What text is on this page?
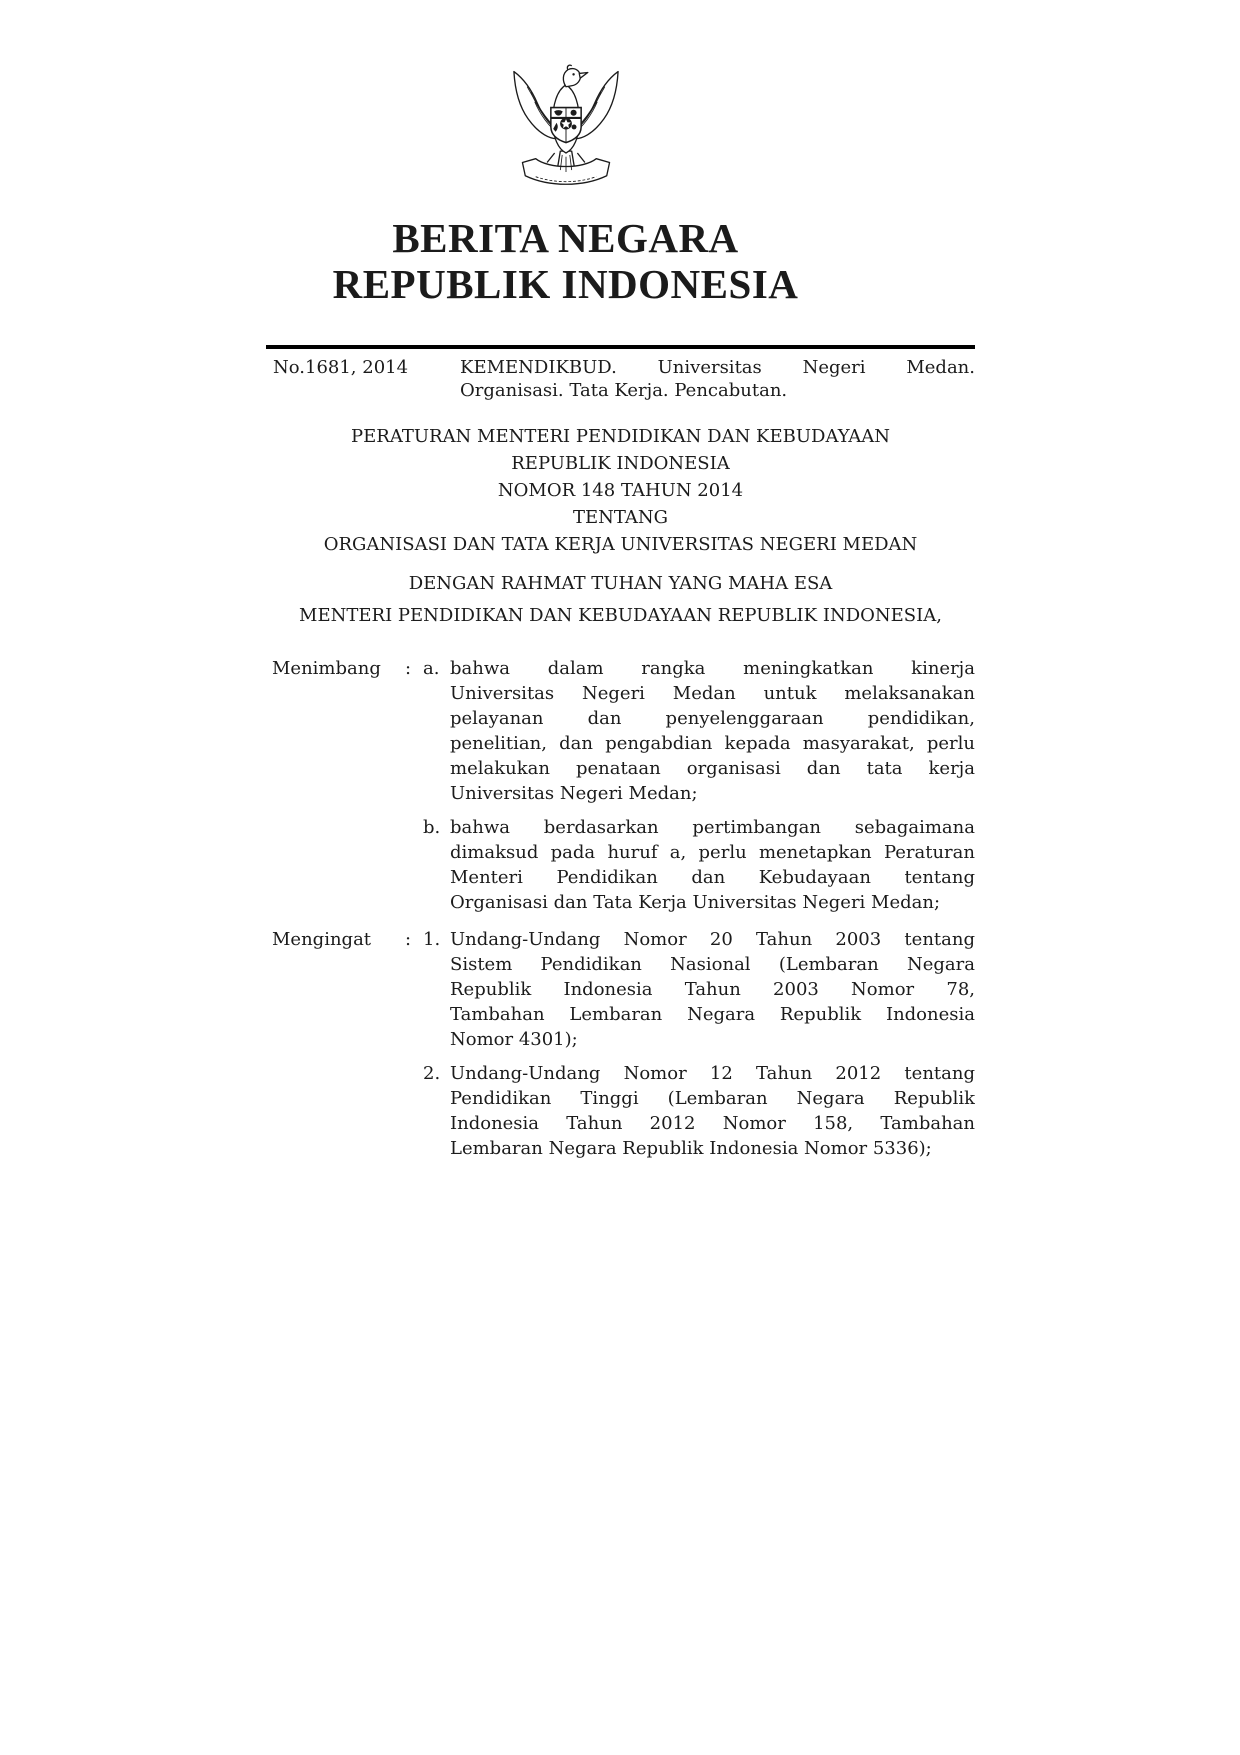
BERITA NEGARA
REPUBLIK INDONESIA
No.1681, 2014	KEMENDIKBUD. Universitas Negeri Medan.
Organisasi. Tata Kerja. Pencabutan.
PERATURAN MENTERI PENDIDIKAN DAN KEBUDAYAAN
REPUBLIK INDONESIA
NOMOR 148 TAHUN 2014
TENTANG
ORGANISASI DAN TATA KERJA UNIVERSITAS NEGERI MEDAN
DENGAN RAHMAT TUHAN YANG MAHA ESA
MENTERI PENDIDIKAN DAN KEBUDAYAAN REPUBLIK INDONESIA,
Menimbang	: a. bahwa dalam rangka meningkatkan kinerja
Universitas Negeri Medan untuk melaksanakan
pelayanan dan penyelenggaraan pendidikan,
penelitian, dan pengabdian kepada masyarakat, perlu
melakukan penataan organisasi dan tata kerja
Universitas Negeri Medan;
b. bahwa berdasarkan pertimbangan sebagaimana
dimaksud pada huruf a, perlu menetapkan Peraturan
Menteri Pendidikan dan Kebudayaan tentang
Organisasi dan Tata Kerja Universitas Negeri Medan;
Mengingat	: 1. Undang-Undang Nomor 20 Tahun 2003 tentang
Sistem Pendidikan Nasional (Lembaran Negara
Republik Indonesia Tahun 2003 Nomor 78,
Tambahan Lembaran Negara Republik Indonesia
Nomor 4301);
2. Undang-Undang Nomor 12 Tahun 2012 tentang
Pendidikan Tinggi (Lembaran Negara Republik
Indonesia Tahun 2012 Nomor 158, Tambahan
Lembaran Negara Republik Indonesia Nomor 5336);
